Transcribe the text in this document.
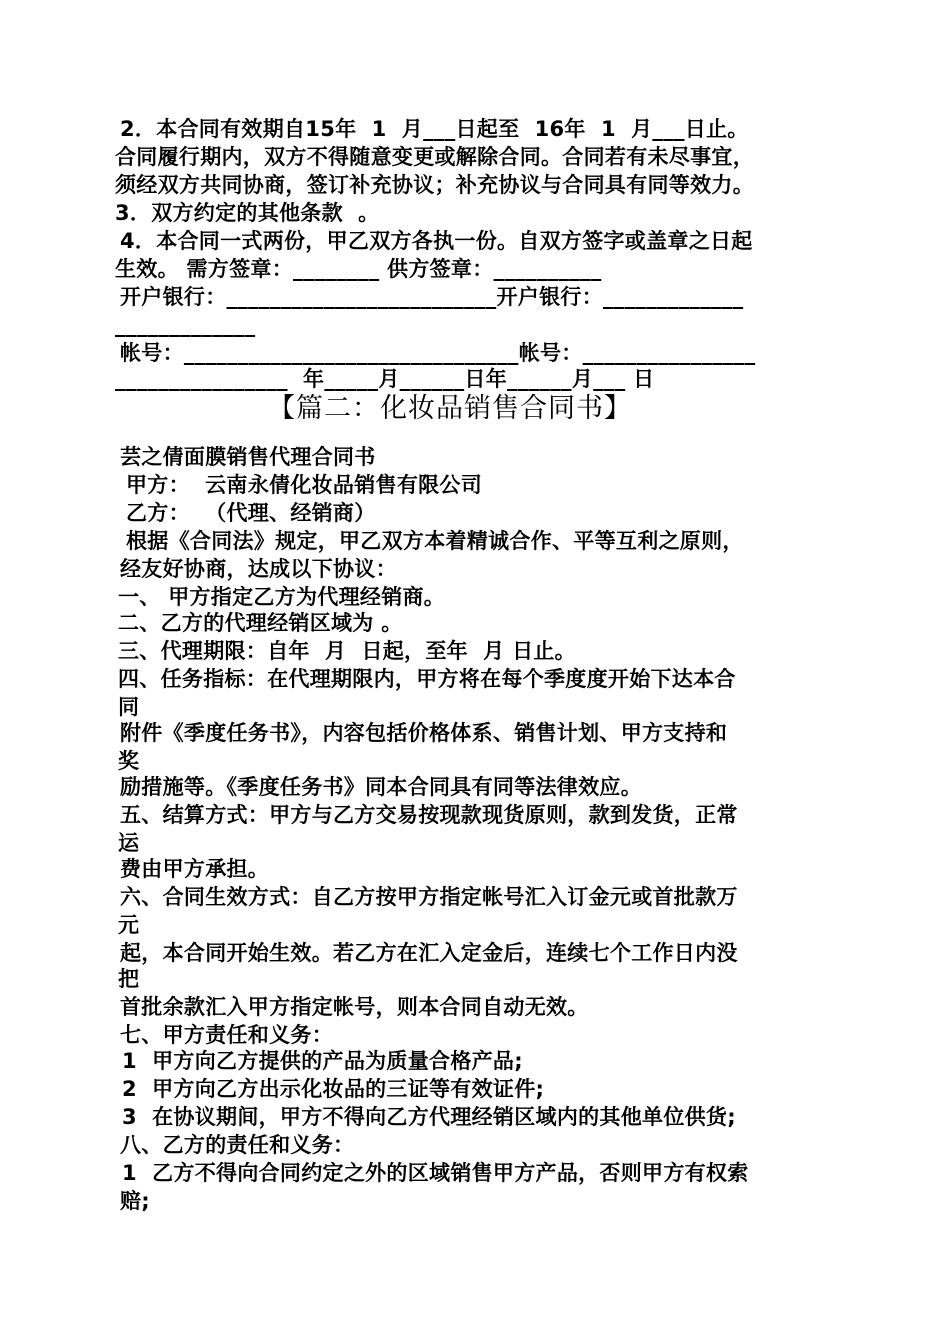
2．本合同有效期自15年  1  月___日起至  16年  1  月___日止。
合同履行期内，双方不得随意变更或解除合同。合同若有未尽事宜，
须经双方共同协商，签订补充协议；补充协议与合同具有同等效力。
3．双方约定的其他条款  。
4．本合同一式两份，甲乙双方各执一份。自双方签字或盖章之日起
生效。 需方签章：________ 供方签章：__________
开户银行：_________________________开户银行：_____________
_____________
帐号：_______________________________帐号：________________
________________  年_____月______日年______月___ 日
【篇二：化妆品销售合同书】
芸之倩面膜销售代理合同书
甲方：  云南永倩化妆品销售有限公司
乙方：  （代理、经销商）
根据《合同法》规定，甲乙双方本着精诚合作、平等互利之原则，
经友好协商，达成以下协议：
一、 甲方指定乙方为代理经销商。
二、乙方的代理经销区域为 。
三、代理期限：自年  月  日起，至年  月 日止。
四、任务指标：在代理期限内，甲方将在每个季度度开始下达本合
同
附件《季度任务书》，内容包括价格体系、销售计划、甲方支持和
奖
励措施等。《季度任务书》同本合同具有同等法律效应。
五、结算方式：甲方与乙方交易按现款现货原则，款到发货，正常
运
费由甲方承担。
六、合同生效方式：自乙方按甲方指定帐号汇入订金元或首批款万
元
起，本合同开始生效。若乙方在汇入定金后，连续七个工作日内没
把
首批余款汇入甲方指定帐号，则本合同自动无效。
七、甲方责任和义务：
1  甲方向乙方提供的产品为质量合格产品;
2  甲方向乙方出示化妆品的三证等有效证件;
3  在协议期间，甲方不得向乙方代理经销区域内的其他单位供货;
八、乙方的责任和义务：
1  乙方不得向合同约定之外的区域销售甲方产品，否则甲方有权索
赔;
